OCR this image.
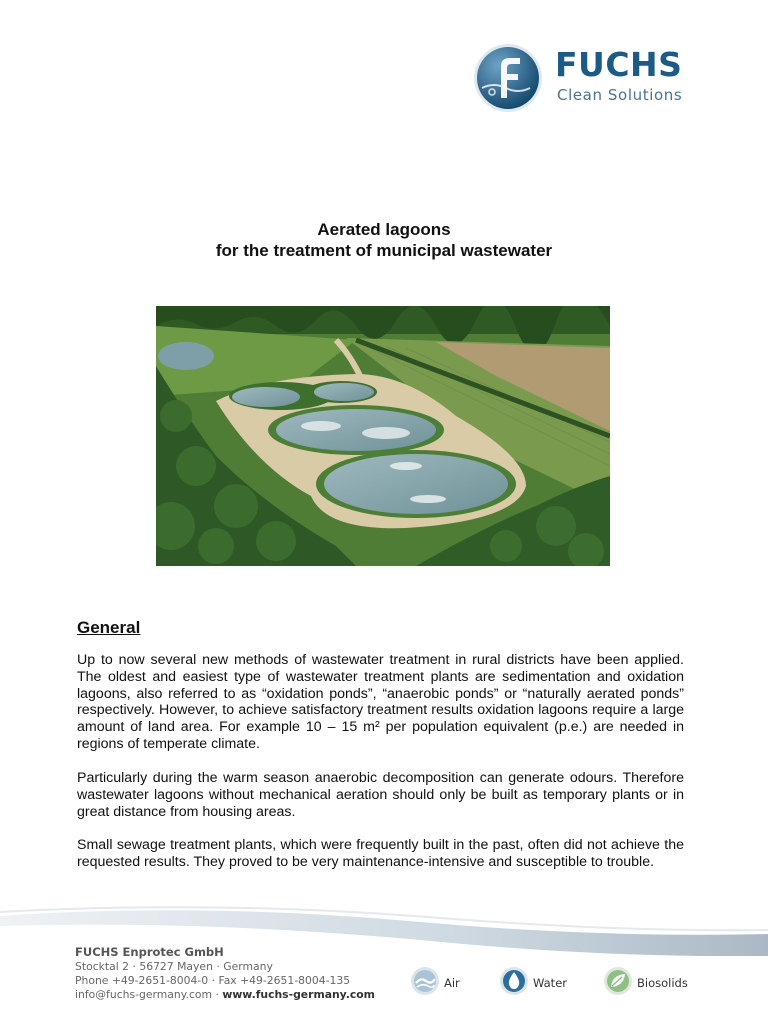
FUCHS
Clean Solutions
Aerated lagoons
for the treatment of municipal wastewater
General

Up to now several new methods of wastewater treatment in rural districts have been applied. The oldest and easiest type of wastewater treatment plants are sedimentation and oxidation lagoons, also referred to as “oxidation ponds”, “anaerobic ponds” or “naturally aerated ponds” respectively. However, to achieve satisfactory treatment results oxidation lagoons require a large amount of land area. For example 10 – 15 m² per population equivalent (p.e.) are needed in regions of temperate climate.

Particularly during the warm season anaerobic decomposition can generate odours. Therefore wastewater lagoons without mechanical aeration should only be built as temporary plants or in great distance from housing areas.

Small sewage treatment plants, which were frequently built in the past, often did not achieve the requested results. They proved to be very maintenance-intensive and susceptible to trouble.

FUCHS Enprotec GmbH
Stocktal 2 · 56727 Mayen · Germany
Phone +49-2651-8004-0 · Fax +49-2651-8004-135
info@fuchs-germany.com · www.fuchs-germany.com
Air	Water	Biosolids
